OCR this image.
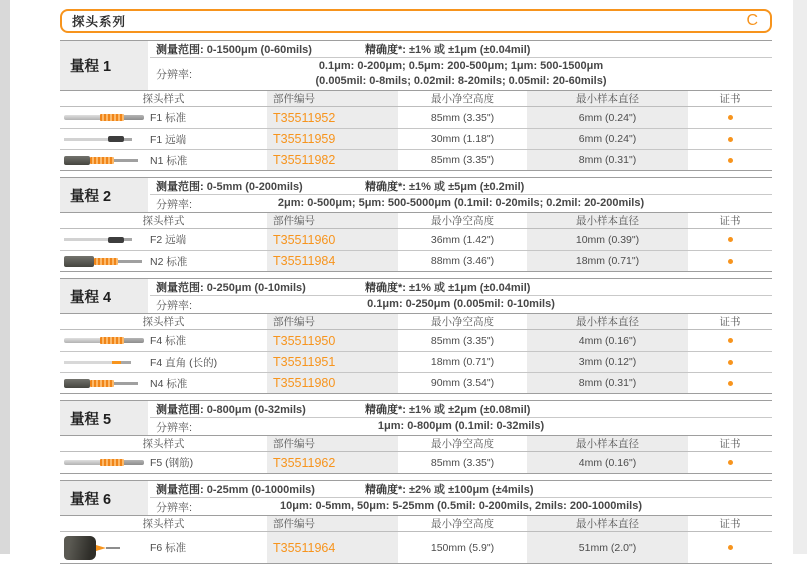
探头系列	C
量程 1
测量范围: 0-1500μm (0-60mils)	精确度*: ±1% 或 ±1μm (±0.04mil)
分辨率:
0.1μm: 0-200μm; 0.5μm: 200-500μm; 1μm: 500-1500μm
(0.005mil: 0-8mils; 0.02mil: 8-20mils; 0.05mil: 20-60mils)
探头样式	部件编号	最小净空高度	最小样本直径	证书
F1 标准	T35511952	85mm (3.35")	6mm (0.24")
F1 远端	T35511959	30mm (1.18")	6mm (0.24")
N1 标准	T35511982	85mm (3.35")	8mm (0.31")
量程 2
测量范围: 0-5mm (0-200mils)	精确度*: ±1% 或 ±5μm (±0.2mil)
分辨率:	2μm: 0-500μm; 5μm: 500-5000μm (0.1mil: 0-20mils; 0.2mil: 20-200mils)
探头样式	部件编号	最小净空高度	最小样本直径	证书
F2 远端	T35511960	36mm (1.42")	10mm (0.39")
N2 标准	T35511984	88mm (3.46")	18mm (0.71")
量程 4
测量范围: 0-250μm (0-10mils)	精确度*: ±1% 或 ±1μm (±0.04mil)
分辨率:	0.1μm: 0-250μm (0.005mil: 0-10mils)
探头样式	部件编号	最小净空高度	最小样本直径	证书
F4 标准	T35511950	85mm (3.35")	4mm (0.16")
F4 直角 (长的)	T35511951	18mm (0.71")	3mm (0.12")
N4 标准	T35511980	90mm (3.54")	8mm (0.31")
量程 5
测量范围: 0-800μm (0-32mils)	精确度*: ±1% 或 ±2μm (±0.08mil)
分辨率:	1μm: 0-800μm (0.1mil: 0-32mils)
探头样式	部件编号	最小净空高度	最小样本直径	证书
F5 (钢筋)	T35511962	85mm (3.35")	4mm (0.16")
量程 6
测量范围: 0-25mm (0-1000mils)	精确度*: ±2% 或 ±100μm (±4mils)
分辨率:	10μm: 0-5mm, 50μm: 5-25mm (0.5mil: 0-200mils, 2mils: 200-1000mils)
探头样式	部件编号	最小净空高度	最小样本直径	证书
F6 标准	T35511964	150mm (5.9")	51mm (2.0")
